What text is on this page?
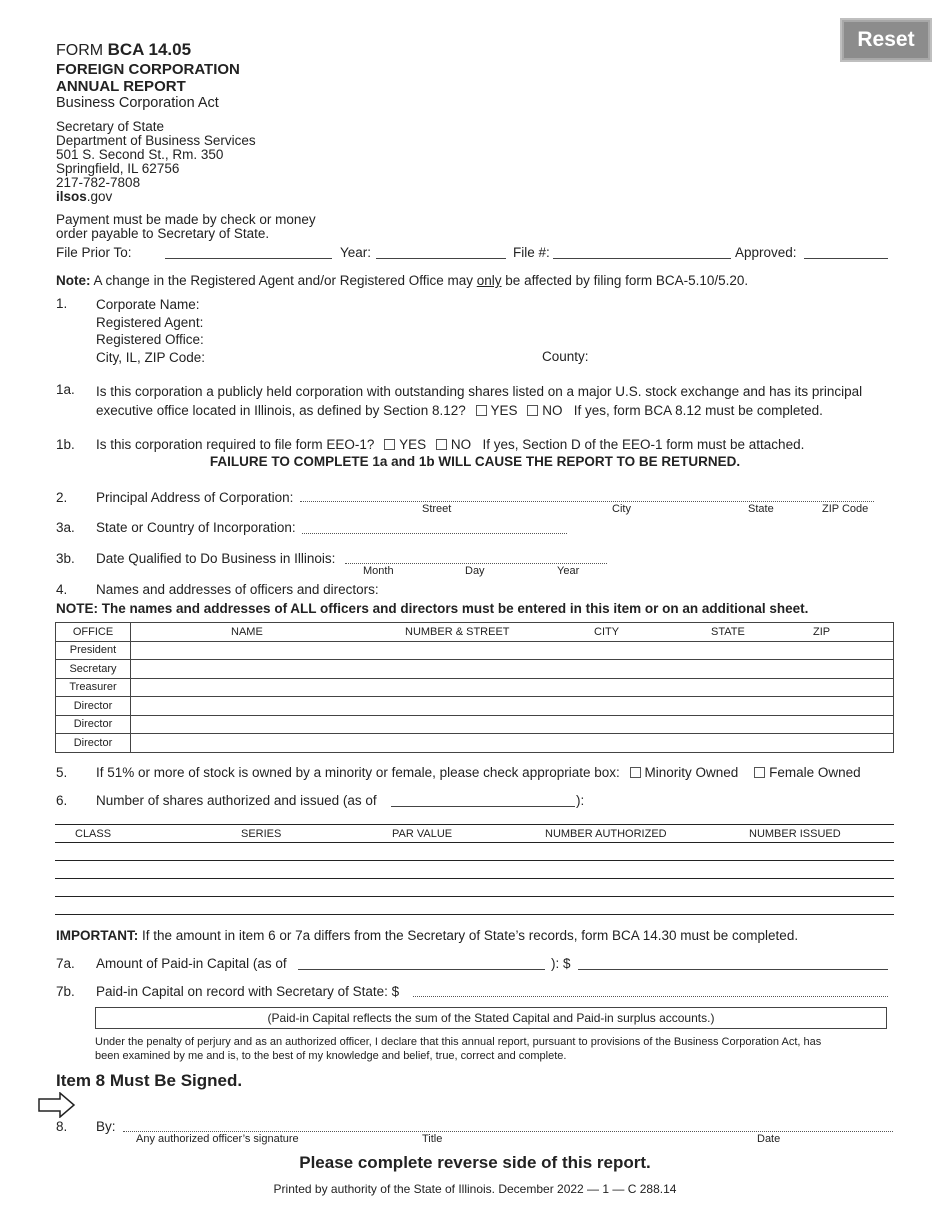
Reset
FORM BCA 14.05
FOREIGN CORPORATION
ANNUAL REPORT
Business Corporation Act
Secretary of State
Department of Business Services
501 S. Second St., Rm. 350
Springfield, IL 62756
217-782-7808
ilsos.gov
Payment must be made by check or money
order payable to Secretary of State.
File Prior To:	Year:	File #:	Approved:
Note: A change in the Registered Agent and/or Registered Office may only be affected by filing form BCA-5.10/5.20.
1. Corporate Name:
Registered Agent:
Registered Office:
City, IL, ZIP Code:	County:
1a. Is this corporation a publicly held corporation with outstanding shares listed on a major U.S. stock exchange and has its principal
executive office located in Illinois, as defined by Section 8.12? YES NO If yes, form BCA 8.12 must be completed.
1b. Is this corporation required to file form EEO-1? YES NO If yes, Section D of the EEO-1 form must be attached.
FAILURE TO COMPLETE 1a and 1b WILL CAUSE THE REPORT TO BE RETURNED.
2. Principal Address of Corporation:
Street	City	State	ZIP Code
3a. State or Country of Incorporation:
3b. Date Qualified to Do Business in Illinois:
Month	Day	Year
4. Names and addresses of officers and directors:
NOTE: The names and addresses of ALL officers and directors must be entered in this item or on an additional sheet.
OFFICE	NAME NUMBER & STREET CITY STATE ZIP

President	
Secretary	
Treasurer	
Director	
Director	
Director	
5. If 51% or more of stock is owned by a minority or female, please check appropriate box: Minority Owned Female Owned
6. Number of shares authorized and issued (as of	):
CLASS	SERIES	PAR VALUE	NUMBER AUTHORIZED	NUMBER ISSUED
IMPORTANT: If the amount in item 6 or 7a differs from the Secretary of State’s records, form BCA 14.30 must be completed.
7a. Amount of Paid-in Capital (as of	): $
7b. Paid-in Capital on record with Secretary of State: $
(Paid-in Capital reflects the sum of the Stated Capital and Paid-in surplus accounts.)
Under the penalty of perjury and as an authorized officer, I declare that this annual report, pursuant to provisions of the Business Corporation Act, has
been examined by me and is, to the best of my knowledge and belief, true, correct and complete.
Item 8 Must Be Signed.
8. By:
Any authorized officer’s signature	Title	Date
Please complete reverse side of this report.
Printed by authority of the State of Illinois. December 2022 — 1 — C 288.14
